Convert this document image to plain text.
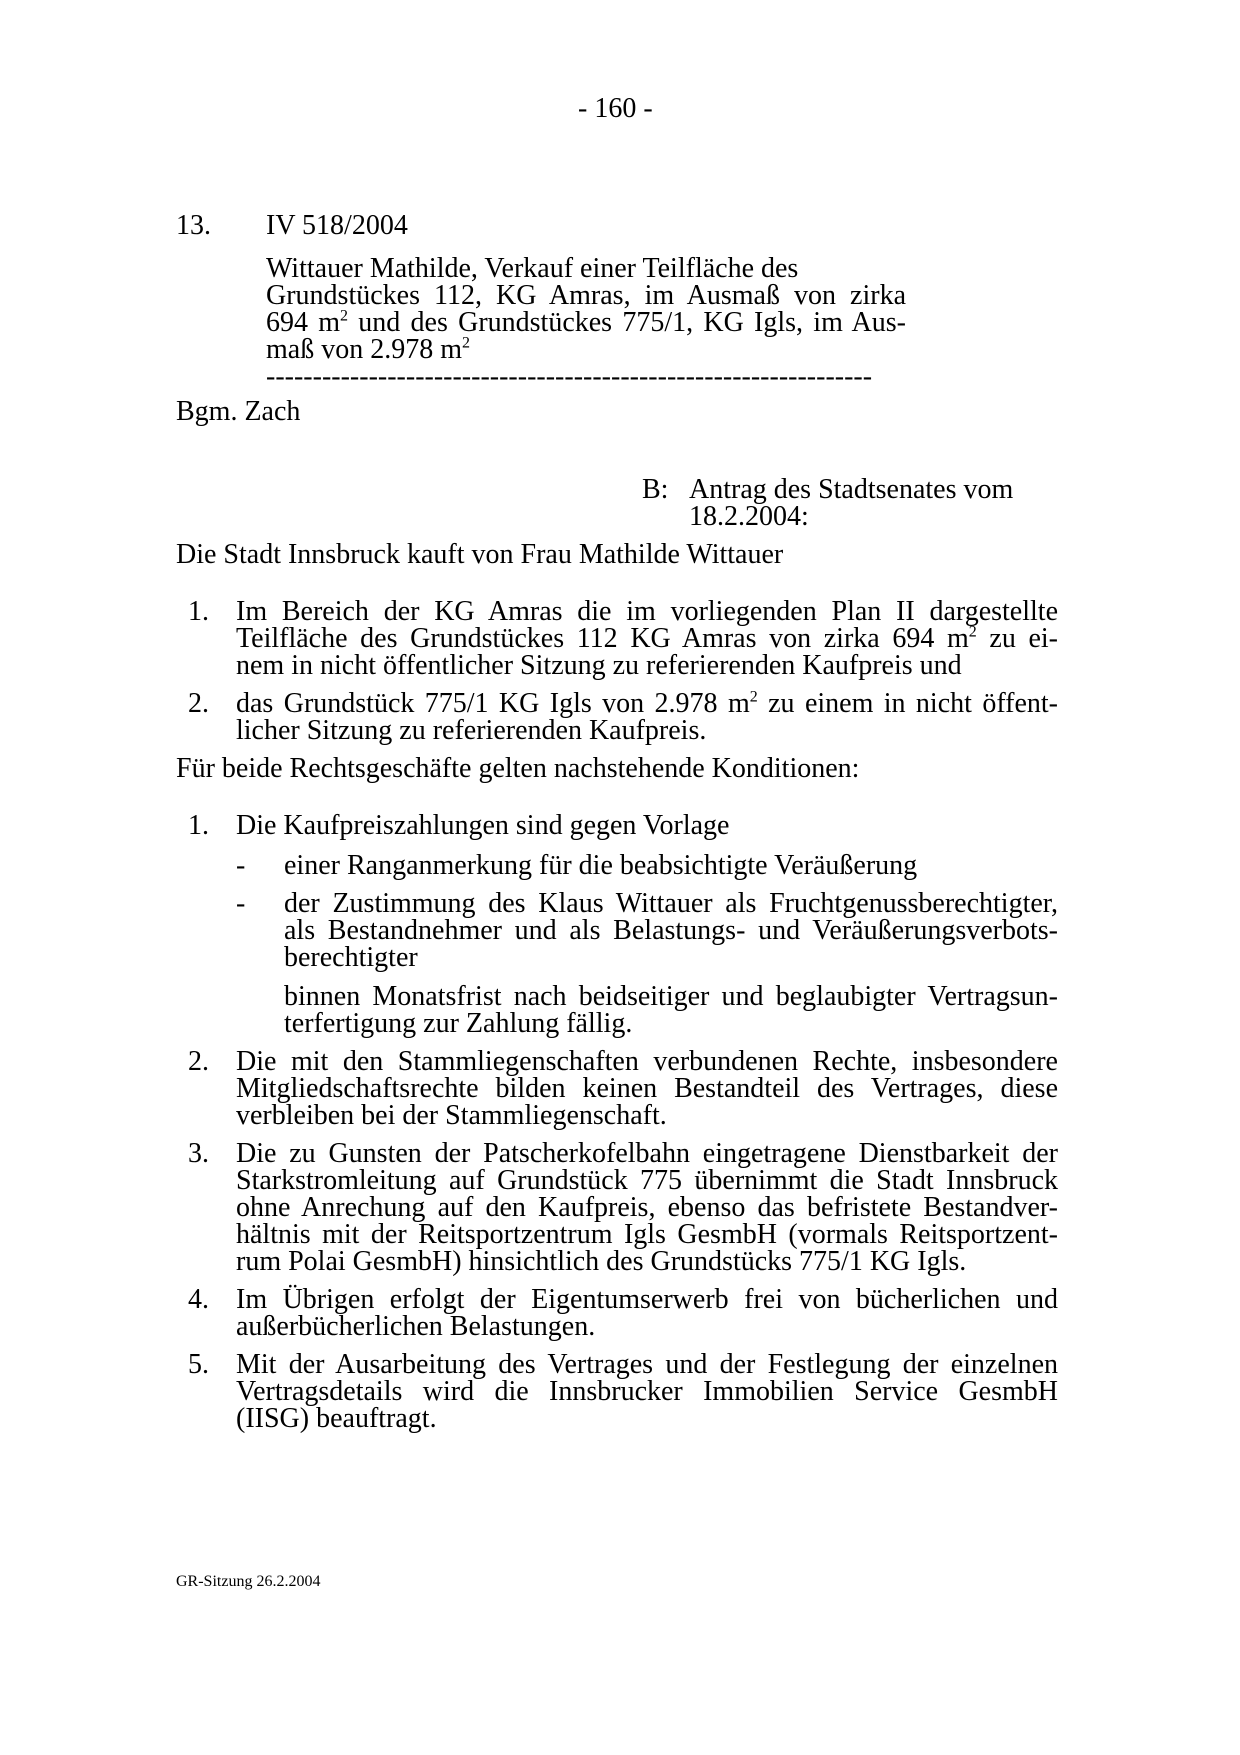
- 160 -
13. IV 518/2004
Wittauer Mathilde, Verkauf einer Teilfläche des
Grundstückes 112, KG Amras, im Ausmaß von zirka
694 $m^2$ und des Grundstückes 775/1, KG Igls, im Aus-
maß von 2.978 $m^2$
-----------------------------------------------------------------
Bgm. Zach
B: Antrag des Stadtsenates vom
18.2.2004:
Die Stadt Innsbruck kauft von Frau Mathilde Wittauer
1. Im Bereich der KG Amras die im vorliegenden Plan II dargestellte
Teilfläche des Grundstückes 112 KG Amras von zirka 694 $m^2$ zu ei-
nem in nicht öffentlicher Sitzung zu referierenden Kaufpreis und
2. das Grundstück 775/1 KG Igls von 2.978 $m^2$ zu einem in nicht öffent-
licher Sitzung zu referierenden Kaufpreis.
Für beide Rechtsgeschäfte gelten nachstehende Konditionen:
1. Die Kaufpreiszahlungen sind gegen Vorlage
- einer Ranganmerkung für die beabsichtigte Veräußerung
- der Zustimmung des Klaus Wittauer als Fruchtgenussberechtigter,
als Bestandnehmer und als Belastungs- und Veräußerungsverbots-
berechtigter
binnen Monatsfrist nach beidseitiger und beglaubigter Vertragsun-
terfertigung zur Zahlung fällig.
2. Die mit den Stammliegenschaften verbundenen Rechte, insbesondere
Mitgliedschaftsrechte bilden keinen Bestandteil des Vertrages, diese
verbleiben bei der Stammliegenschaft.
3. Die zu Gunsten der Patscherkofelbahn eingetragene Dienstbarkeit der
Starkstromleitung auf Grundstück 775 übernimmt die Stadt Innsbruck
ohne Anrechung auf den Kaufpreis, ebenso das befristete Bestandver-
hältnis mit der Reitsportzentrum Igls GesmbH (vormals Reitsportzent-
rum Polai GesmbH) hinsichtlich des Grundstücks 775/1 KG Igls.
4. Im Übrigen erfolgt der Eigentumserwerb frei von bücherlichen und
außerbücherlichen Belastungen.
5. Mit der Ausarbeitung des Vertrages und der Festlegung der einzelnen
Vertragsdetails wird die Innsbrucker Immobilien Service GesmbH
(IISG) beauftragt.
GR-Sitzung 26.2.2004
